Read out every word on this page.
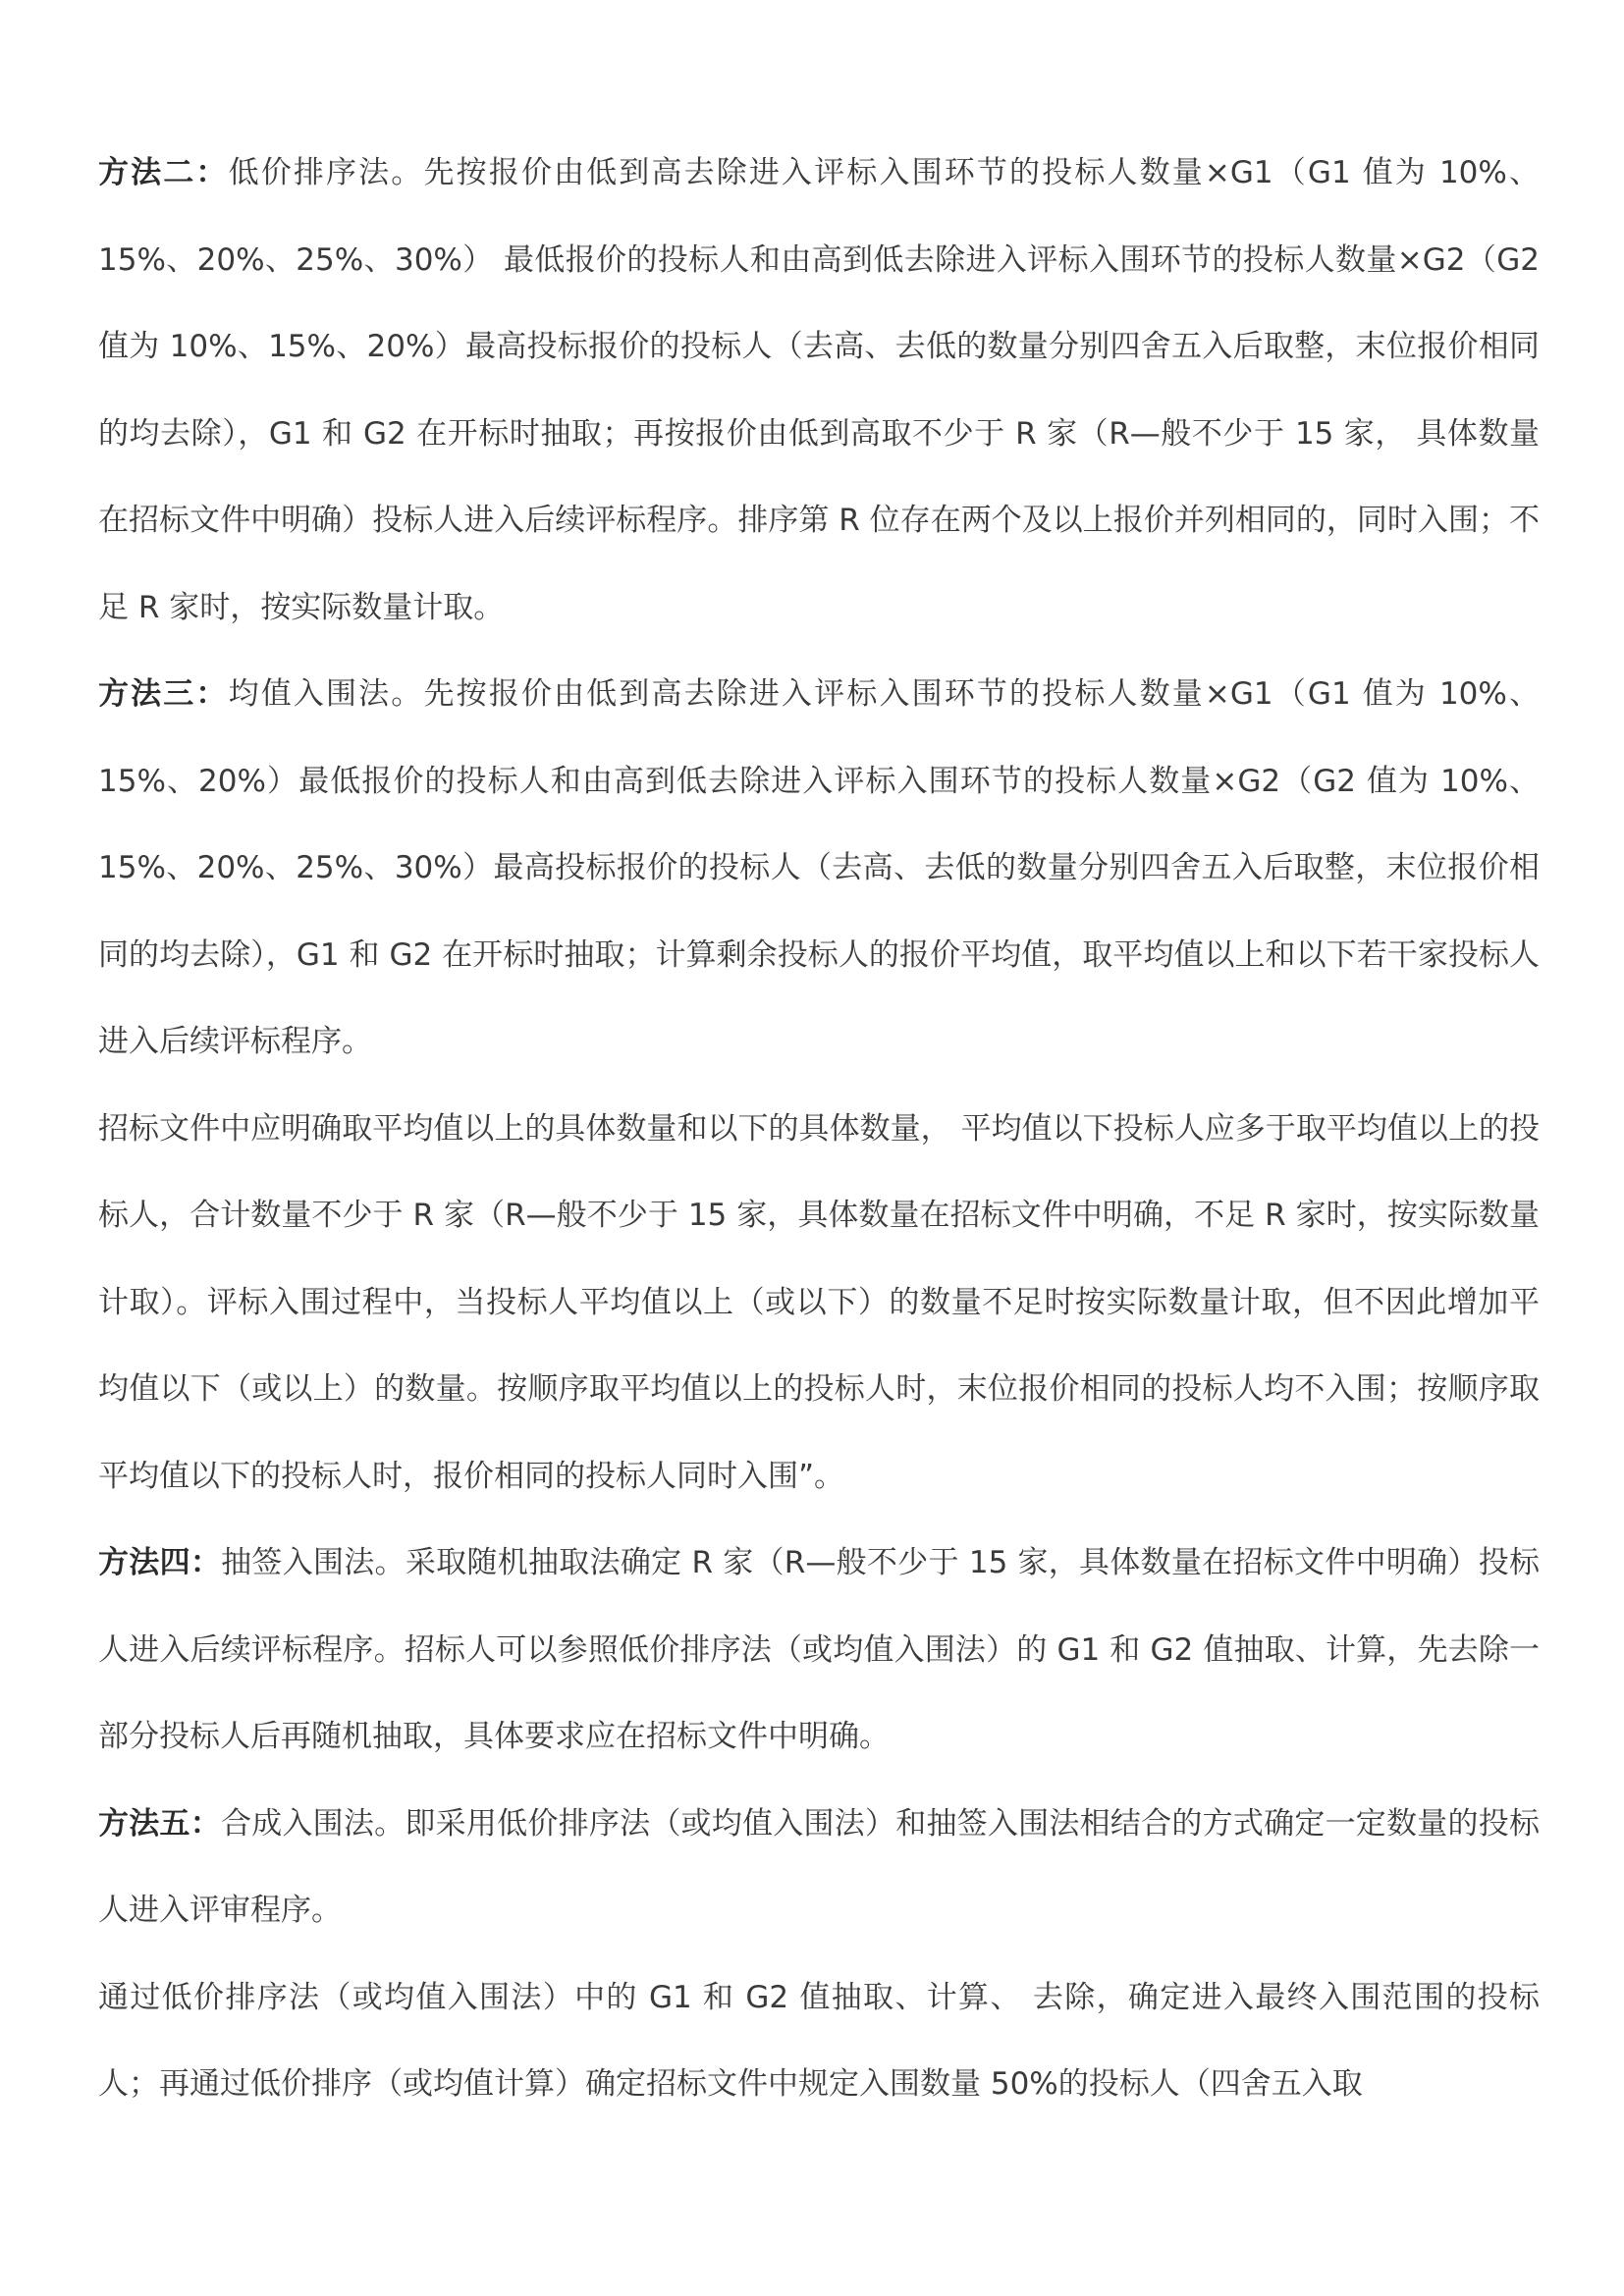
方法二：低价排序法。先按报价由低到高去除进入评标入围环节的投标人数量×G1（G1 值为 10%、15%、20%、25%、30%） 最低报价的投标人和由高到低去除进入评标入围环节的投标人数量×G2（G2 值为 10%、15%、20%）最高投标报价的投标人（去高、去低的数量分别四舍五入后取整，末位报价相同的均去除），G1 和 G2 在开标时抽取；再按报价由低到高取不少于 R 家（R—般不少于 15 家， 具体数量在招标文件中明确）投标人进入后续评标程序。排序第 R 位存在两个及以上报价并列相同的，同时入围；不足 R 家时，按实际数量计取。

方法三：均值入围法。先按报价由低到高去除进入评标入围环节的投标人数量×G1（G1 值为 10%、15%、20%）最低报价的投标人和由高到低去除进入评标入围环节的投标人数量×G2（G2 值为 10%、15%、20%、25%、30%）最高投标报价的投标人（去高、去低的数量分别四舍五入后取整，末位报价相同的均去除），G1 和 G2 在开标时抽取；计算剩余投标人的报价平均值，取平均值以上和以下若干家投标人进入后续评标程序。

招标文件中应明确取平均值以上的具体数量和以下的具体数量， 平均值以下投标人应多于取平均值以上的投标人，合计数量不少于 R 家（R—般不少于 15 家，具体数量在招标文件中明确，不足 R 家时，按实际数量计取）。评标入围过程中，当投标人平均值以上（或以下）的数量不足时按实际数量计取，但不因此增加平均值以下（或以上）的数量。按顺序取平均值以上的投标人时，末位报价相同的投标人均不入围；按顺序取平均值以下的投标人时，报价相同的投标人同时入围”。

方法四：抽签入围法。采取随机抽取法确定 R 家（R—般不少于 15 家，具体数量在招标文件中明确）投标人进入后续评标程序。招标人可以参照低价排序法（或均值入围法）的 G1 和 G2 值抽取、计算，先去除一部分投标人后再随机抽取，具体要求应在招标文件中明确。

方法五：合成入围法。即采用低价排序法（或均值入围法）和抽签入围法相结合的方式确定一定数量的投标人进入评审程序。

通过低价排序法（或均值入围法）中的 G1 和 G2 值抽取、计算、 去除，确定进入最终入围范围的投标人；再通过低价排序（或均值计算）确定招标文件中规定入围数量 50%的投标人（四舍五入取
